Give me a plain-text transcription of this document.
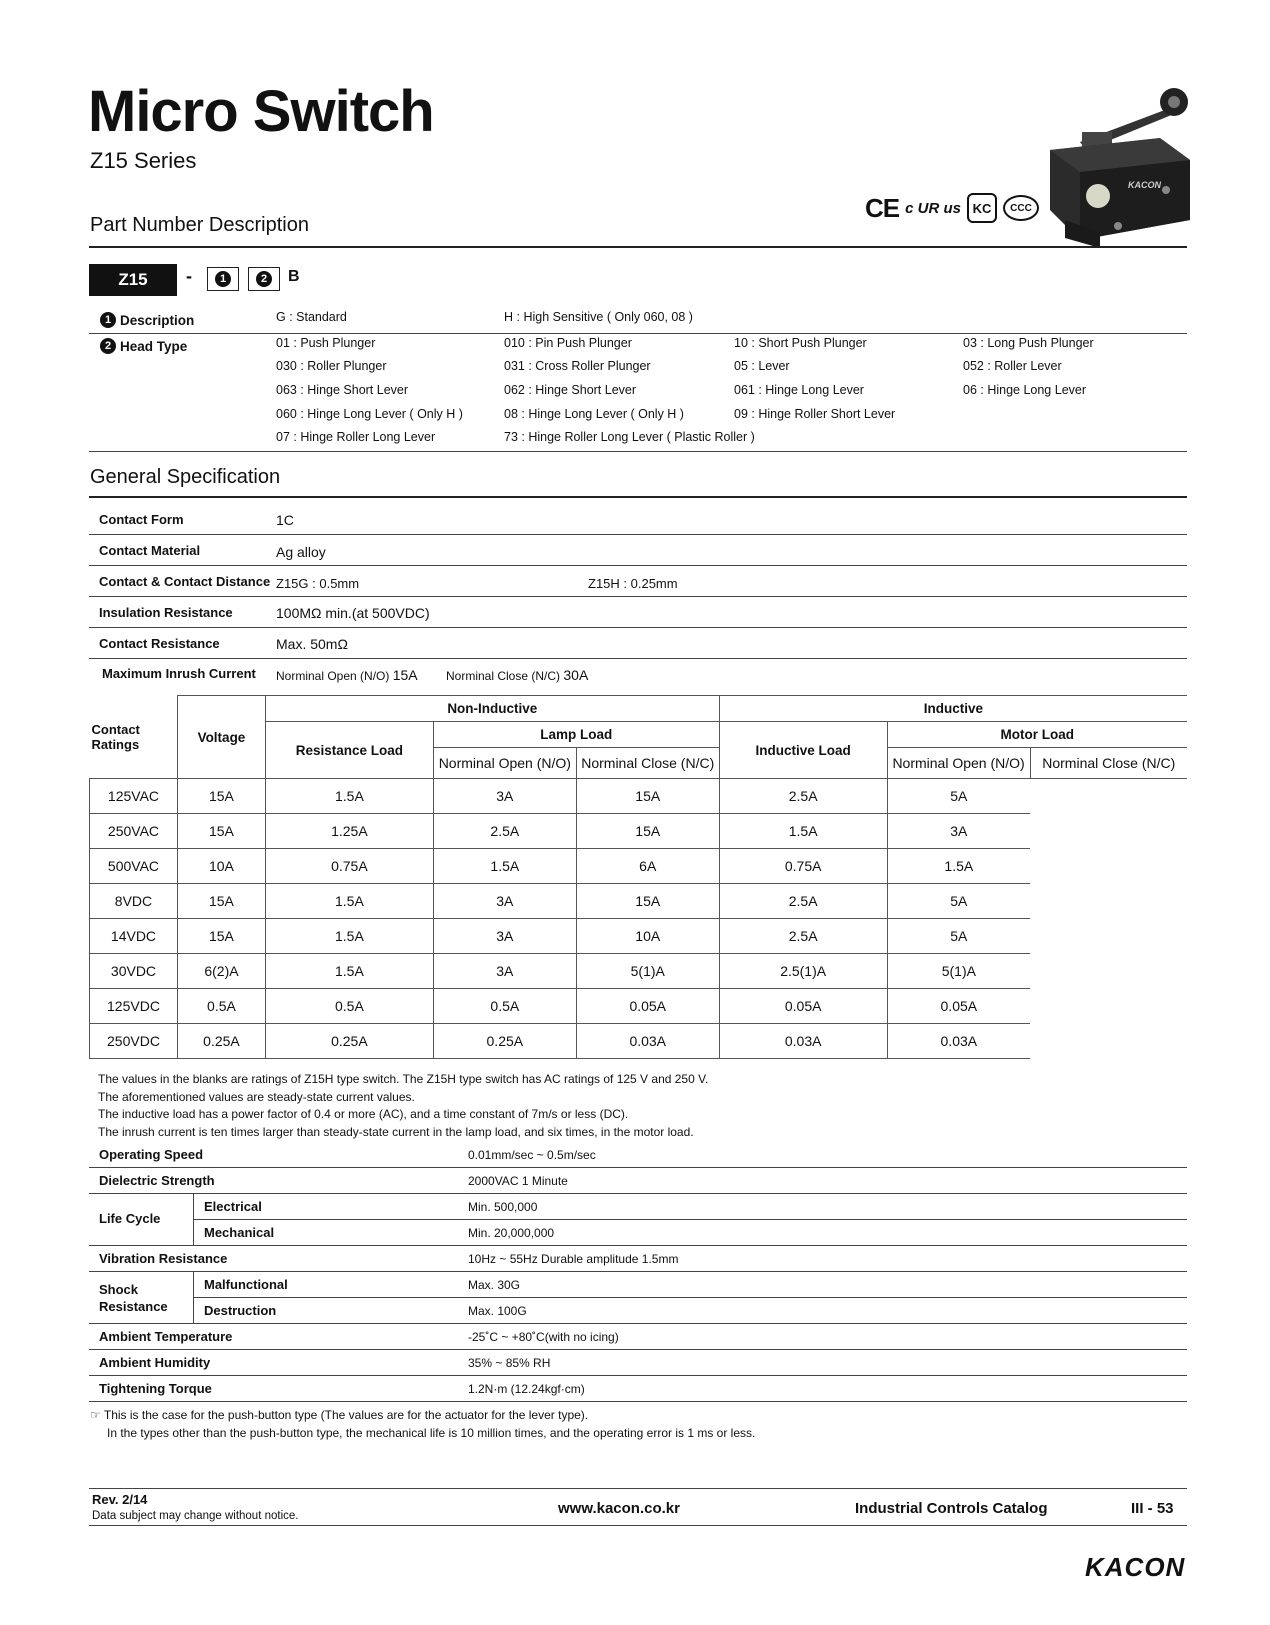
Micro Switch
Z15 Series
KACON
CE c UR us KC	CCC
Part Number Description
Z15	-	1	2	B
1 Description	G : Standard	H : High Sensitive ( Only 060, 08 )
2 Head Type	01 : Push Plunger	010 : Pin Push Plunger	10 : Short Push Plunger	03 : Long Push Plunger
030 : Roller Plunger	031 : Cross Roller Plunger	05 : Lever	052 : Roller Lever
063 : Hinge Short Lever	062 : Hinge Short Lever	061 : Hinge Long Lever	06 : Hinge Long Lever
060 : Hinge Long Lever ( Only H )	08 : Hinge Long Lever ( Only H )	09 : Hinge Roller Short Lever
07 : Hinge Roller Long Lever	73 : Hinge Roller Long Lever ( Plastic Roller )
General Specification
Contact Form	1C
Contact Material	Ag alloy
Contact & Contact Distance Z15G : 0.5mm	Z15H : 0.25mm
Insulation Resistance	100MΩ min.(at 500VDC)
Contact Resistance	Max. 50mΩ
Maximum Inrush Current Norminal Open (N/O) 15A Norminal Close (N/C) 30A
Contact Ratings	Voltage	Non-Inductive			Inductive		
		Resistance Load	Lamp Load		Inductive Load	Motor Load	
			Norminal Open (N/O)	Norminal Close (N/C)		Norminal Open (N/O)	Norminal Close (N/C)
125VAC	15A	1.5A	3A	15A	2.5A	5A	
250VAC	15A	1.25A	2.5A	15A	1.5A	3A	
500VAC	10A	0.75A	1.5A	6A	0.75A	1.5A	
8VDC	15A	1.5A	3A	15A	2.5A	5A	
14VDC	15A	1.5A	3A	10A	2.5A	5A	
30VDC	6(2)A	1.5A	3A	5(1)A	2.5(1)A	5(1)A	
125VDC	0.5A	0.5A	0.5A	0.05A	0.05A	0.05A	
250VDC	0.25A	0.25A	0.25A	0.03A	0.03A	0.03A	
The values in the blanks are ratings of Z15H type switch. The Z15H type switch has AC ratings of 125 V and 250 V.
The aforementioned values are steady-state current values.
The inductive load has a power factor of 0.4 or more (AC), and a time constant of 7m/s or less (DC).
The inrush current is ten times larger than steady-state current in the lamp load, and six times, in the motor load.
Operating Speed	0.01mm/sec ~ 0.5m/sec
Dielectric Strength	2000VAC 1 Minute
Life Cycle
Electrical	Min. 500,000
Mechanical	Min. 20,000,000
Vibration Resistance	10Hz ~ 55Hz Durable amplitude 1.5mm
Shock Resistance
Malfunctional	Max. 30G
Destruction	Max. 100G
Ambient Temperature	-25˚C ~ +80˚C(with no icing)
Ambient Humidity	35% ~ 85% RH
Tightening Torque	1.2N·m (12.24kgf·cm)
☞ This is the case for the push-button type (The values are for the actuator for the lever type).
In the types other than the push-button type, the mechanical life is 10 million times, and the operating error is 1 ms or less.
Rev. 2/14
Data subject may change without notice.	www.kacon.co.kr	Industrial Controls Catalog	III - 53
KACON
